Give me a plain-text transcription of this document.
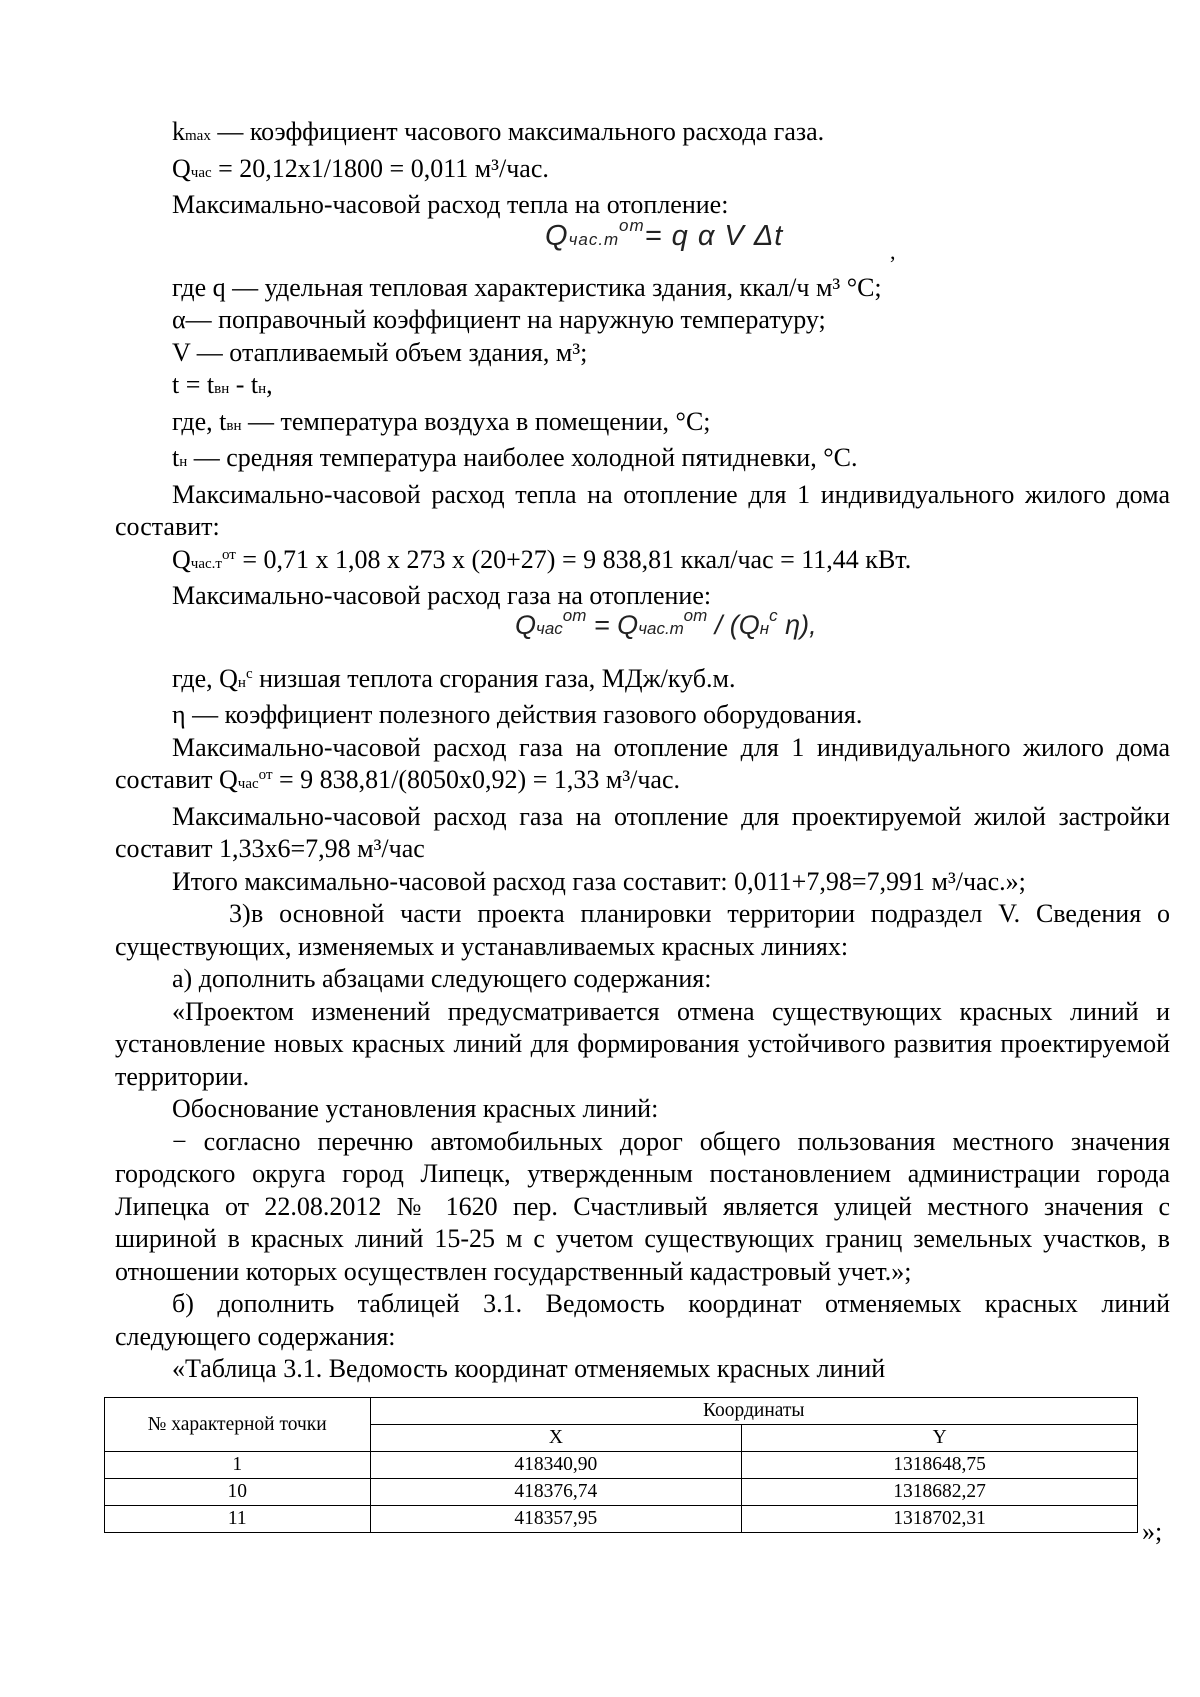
kmax — коэффициент часового максимального расхода газа.

Qчас = 20,12х1/1800 = 0,011 м³/час.

Максимально-часовой расход тепла на отопление:

$Qчас.т^{от}= q$ α V Δt	,

где q — удельная тепловая характеристика здания, ккал/ч м³ °С;

α— поправочный коэффициент на наружную температуру;

V — отапливаемый объем здания, м³;

t = tвн - tн,

где, tвн — температура воздуха в помещении, °С;

tн — средняя температура наиболее холодной пятидневки, °С.

Максимально-часовой расход тепла на отопление для 1 индивидуального жилого дома составит:

$Qчас.т^{от} = 0,71$ х 1,08 х 273 х (20+27) = 9 838,81 ккал/час = 11,44 кВт.

Максимально-часовой расход газа на отопление:

Qчас$^{от}$ = $Qчас.т^{от} / (Qн^с$ η),

где, $Qн^с$ низшая теплота сгорания газа, МДж/куб.м.

η — коэффициент полезного действия газового оборудования.

Максимально-часовой расход газа на отопление для 1 индивидуального жилого дома составит Qчас$^{от}$ = 9 838,81/(8050х0,92) = 1,33 м³/час.

Максимально-часовой расход газа на отопление для проектируемой жилой застройки составит 1,33х6=7,98 м³/час

Итого максимально-часовой расход газа составит: 0,011+7,98=7,991 м³/час.»;

3)в основной части проекта планировки территории подраздел V. Сведения о существующих, изменяемых и устанавливаемых красных линиях:

а) дополнить абзацами следующего содержания:

«Проектом изменений предусматривается отмена существующих красных линий и установление новых красных линий для формирования устойчивого развития проектируемой территории.

Обоснование установления красных линий:

− согласно перечню автомобильных дорог общего пользования местного значения городского округа город Липецк, утвержденным постановлением администрации города Липецка от 22.08.2012 № 1620 пер. Счастливый является улицей местного значения с шириной в красных линий 15-25 м с учетом существующих границ земельных участков, в отношении которых осуществлен государственный кадастровый учет.»;

б) дополнить таблицей 3.1. Ведомость координат отменяемых красных линий следующего содержания:

«Таблица 3.1. Ведомость координат отменяемых красных линий

№ характерной точки	Координаты	
	X	Y
1	418340,90	1318648,75
10	418376,74	1318682,27
11	418357,95	1318702,31	»;
